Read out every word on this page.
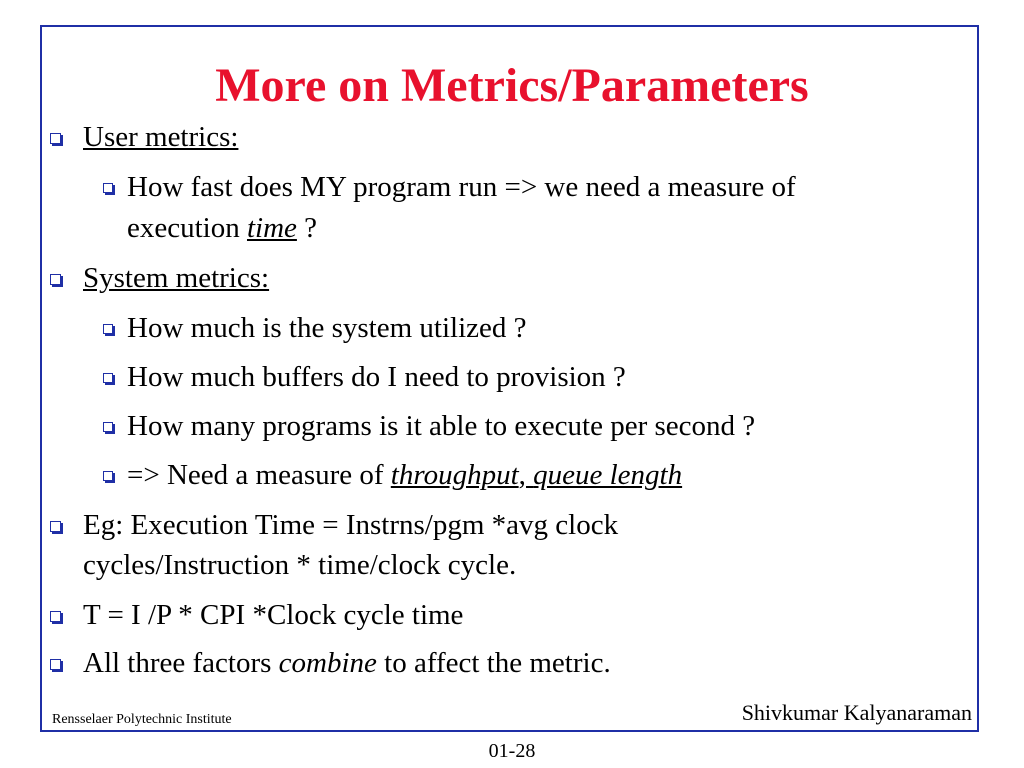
More on Metrics/Parameters
User metrics:
How fast does MY program run => we need a measure of
execution time ?
System metrics:
How much is the system utilized ?
How much buffers do I need to provision ?
How many programs is it able to execute per second ?
=> Need a measure of throughput, queue length
Eg: Execution Time = Instrns/pgm *avg clock
cycles/Instruction * time/clock cycle.
T = I /P * CPI *Clock cycle time
All three factors combine to affect the metric.
Rensselaer Polytechnic Institute	Shivkumar Kalyanaraman
01-28
